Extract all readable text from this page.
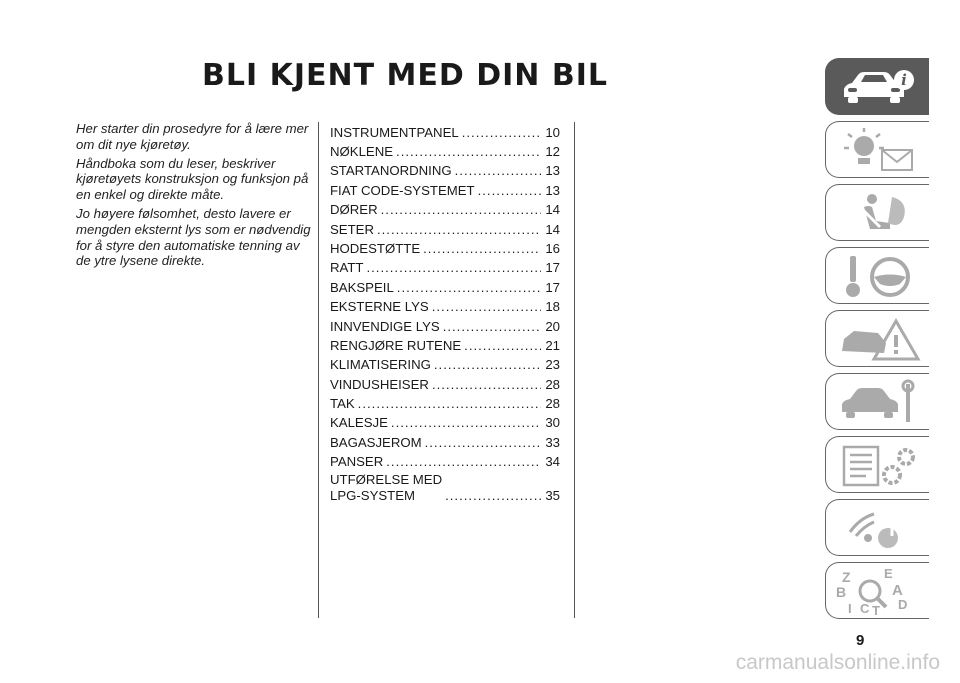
BLI KJENT MED DIN BIL

Her starter din prosedyre for å lære mer om dit nye kjøretøy.

Håndboka som du leser, beskriver kjøretøyets konstruksjon og funksjon på en enkel og direkte måte.

Jo høyere følsomhet, desto lavere er mengden eksternt lys som er nødvendig for å styre den automatiske tenning av de ytre lysene direkte.

INSTRUMENTPANEL .....	10
NØKLENE .....	12
STARTANORDNING .....	13
FIAT CODE-SYSTEMET .....	13
DØRER .....	14
SETER .....	14
HODESTØTTE .....	16
RATT .....	17
BAKSPEIL .....	17
EKSTERNE LYS .....	18
INNVENDIGE LYS .....	20
RENGJØRE RUTENE .....	21
KLIMATISERING .....	23
VINDUSHEISER .....	28
TAK .....	28
KALESJE .....	30
BAGASJEROM .....	33
PANSER .....	34
UTFØRELSE MED
LPG-SYSTEM .....	35
i
Z	E
A
B
D
I C T
9
carmanualsonline.info
